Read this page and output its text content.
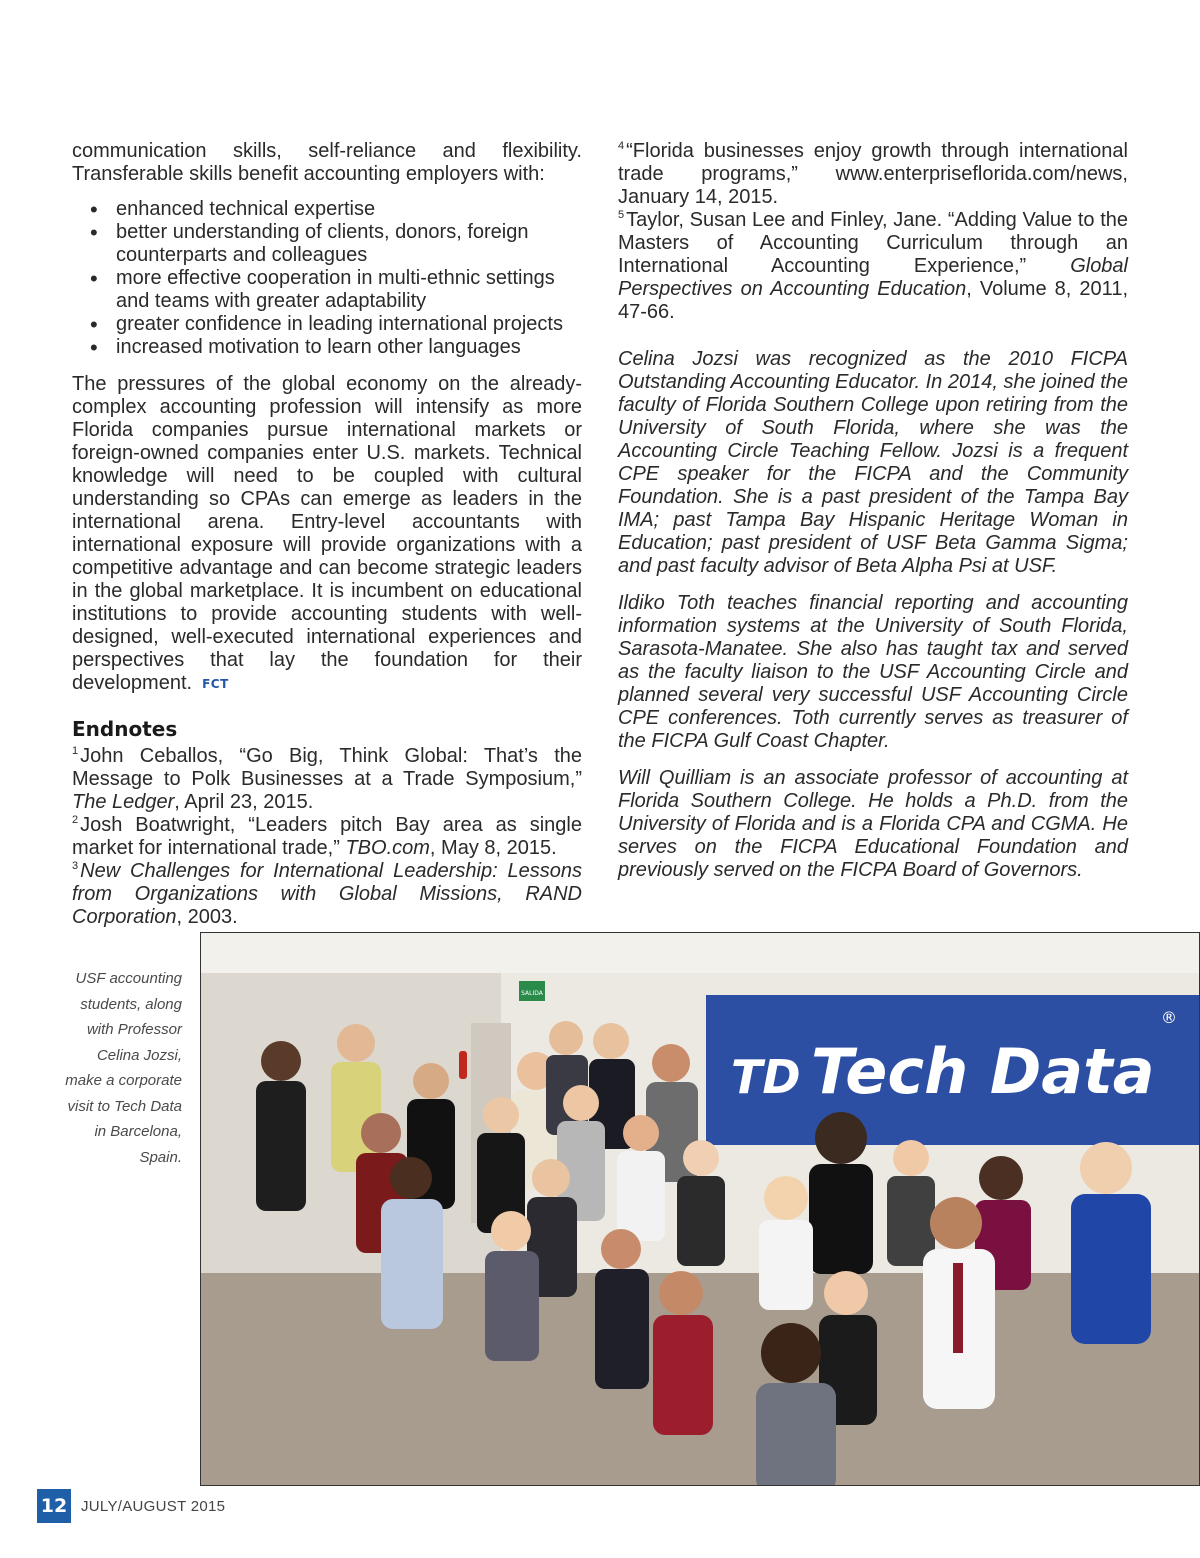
communication skills, self-reliance and flexibility. Transferable skills benefit accounting employers with:

• enhanced technical expertise
• better understanding of clients, donors, foreign counterparts and colleagues
• more effective cooperation in multi-ethnic settings and teams with greater adaptability
• greater confidence in leading international projects
• increased motivation to learn other languages

The pressures of the global economy on the already-complex accounting profession will intensify as more Florida companies pursue international markets or foreign-owned companies enter U.S. markets. Technical knowledge will need to be coupled with cultural understanding so CPAs can emerge as leaders in the international arena. Entry-level accountants with international exposure will provide organizations with a competitive advantage and can become strategic leaders in the global marketplace. It is incumbent on educational institutions to provide accounting students with well-designed, well-executed international experiences and perspectives that lay the foundation for their development. FCT

Endnotes

$^1$ John Ceballos, “Go Big, Think Global: That’s the Message to Polk Businesses at a Trade Symposium,” The Ledger, April 23, 2015.

$^2$ Josh Boatwright, “Leaders pitch Bay area as single market for international trade,” TBO.com, May 8, 2015.

$^3$ New Challenges for International Leadership: Lessons from Organizations with Global Missions, RAND Corporation, 2003.

$^4$ “Florida businesses enjoy growth through international trade programs,” www.enterpriseflorida.com/news, January 14, 2015.

$^5$ Taylor, Susan Lee and Finley, Jane. “Adding Value to the Masters of Accounting Curriculum through an International Accounting Experience,” Global Perspectives on Accounting Education, Volume 8, 2011, 47-66.

Celina Jozsi was recognized as the 2010 FICPA Outstanding Accounting Educator. In 2014, she joined the faculty of Florida Southern College upon retiring from the University of South Florida, where she was the Accounting Circle Teaching Fellow. Jozsi is a frequent CPE speaker for the FICPA and the Community Foundation. She is a past president of the Tampa Bay IMA; past Tampa Bay Hispanic Heritage Woman in Education; past president of USF Beta Gamma Sigma; and past faculty advisor of Beta Alpha Psi at USF.

Ildiko Toth teaches financial reporting and accounting information systems at the University of South Florida, Sarasota-Manatee. She also has taught tax and served as the faculty liaison to the USF Accounting Circle and planned several very successful USF Accounting Circle CPE conferences. Toth currently serves as treasurer of the FICPA Gulf Coast Chapter.

Will Quilliam is an associate professor of accounting at Florida Southern College. He holds a Ph.D. from the University of Florida and is a Florida CPA and CGMA. He serves on the FICPA Educational Foundation and previously served on the FICPA Board of Governors.

USF accounting students, along with Professor Celina Jozsi, make a corporate visit to Tech Data in Barcelona, Spain.
SALIDA
TD Tech Data
®
12 JULY/AUGUST 2015
